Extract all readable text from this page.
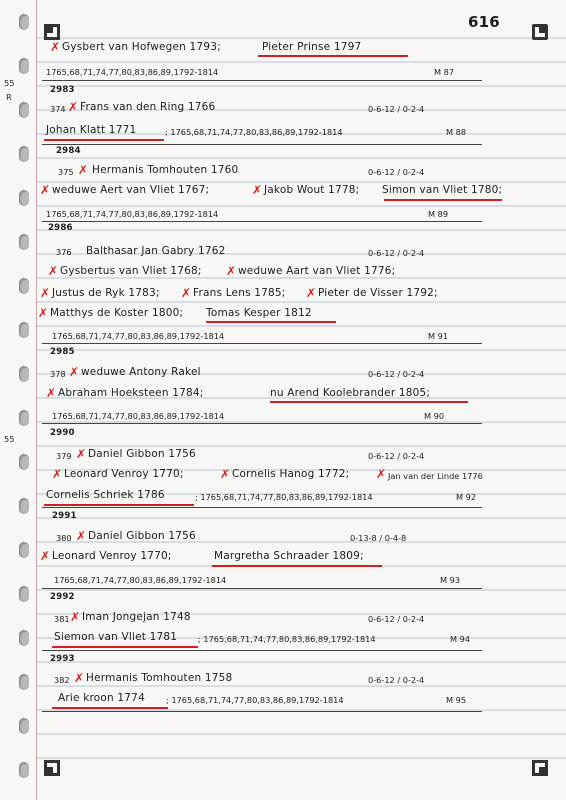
616
55
R
55
✗ Gysbert van Hofwegen 1793;	Pieter Prinse 1797
1765,68,71,74,77,80,83,86,89,1792-1814	M 87
2983
374 ✗ Frans van den Ring 1766	0-6-12 / 0-2-4
Johan Klatt 1771	; 1765,68,71,74,77,80,83,86,89,1792-1814	M 88
2984
375 ✗ Hermanis Tomhouten 1760	0-6-12 / 0-2-4
✗ weduwe Aert van Vliet 1767;	✗ Jakob Wout 1778; Simon van Vliet 1780;
1765,68,71,74,77,80,83,86,89,1792-1814	M 89
2986
376 Balthasar Jan Gabry 1762	0-6-12 / 0-2-4
✗ Gysbertus van Vliet 1768; ✗ weduwe Aart van Vliet 1776;
✗ Justus de Ryk 1783; ✗ Frans Lens 1785; ✗ Pieter de Visser 1792;
✗ Matthys de Koster 1800; Tomas Kesper 1812
1765,68,71,74,77,80,83,86,89,1792-1814	M 91
2985
378 ✗ weduwe Antony Rakel	0-6-12 / 0-2-4
✗ Abraham Hoeksteen 1784;	nu Arend Koolebrander 1805;
1765,68,71,74,77,80,83,86,89,1792-1814	M 90
2990
379 ✗ Daniel Gibbon 1756	0-6-12 / 0-2-4
✗ Leonard Venroy 1770;	✗ Cornelis Hanog 1772; ✗ Jan van der Linde 1776
Cornelis Schriek 1786	; 1765,68,71,74,77,80,83,86,89,1792-1814	M 92
2991
380 ✗ Daniel Gibbon 1756	0-13-8 / 0-4-8
✗ Leonard Venroy 1770;	Margretha Schraader 1809;
1765,68,71,74,77,80,83,86,89,1792-1814	M 93
2992
381 ✗ Iman Jongejan 1748	0-6-12 / 0-2-4
Siemon van Vliet 1781	; 1765,68,71,74,77,80,83,86,89,1792-1814	M 94
2993
382 ✗ Hermanis Tomhouten 1758	0-6-12 / 0-2-4
Arie kroon 1774	; 1765,68,71,74,77,80,83,86,89,1792-1814	M 95
